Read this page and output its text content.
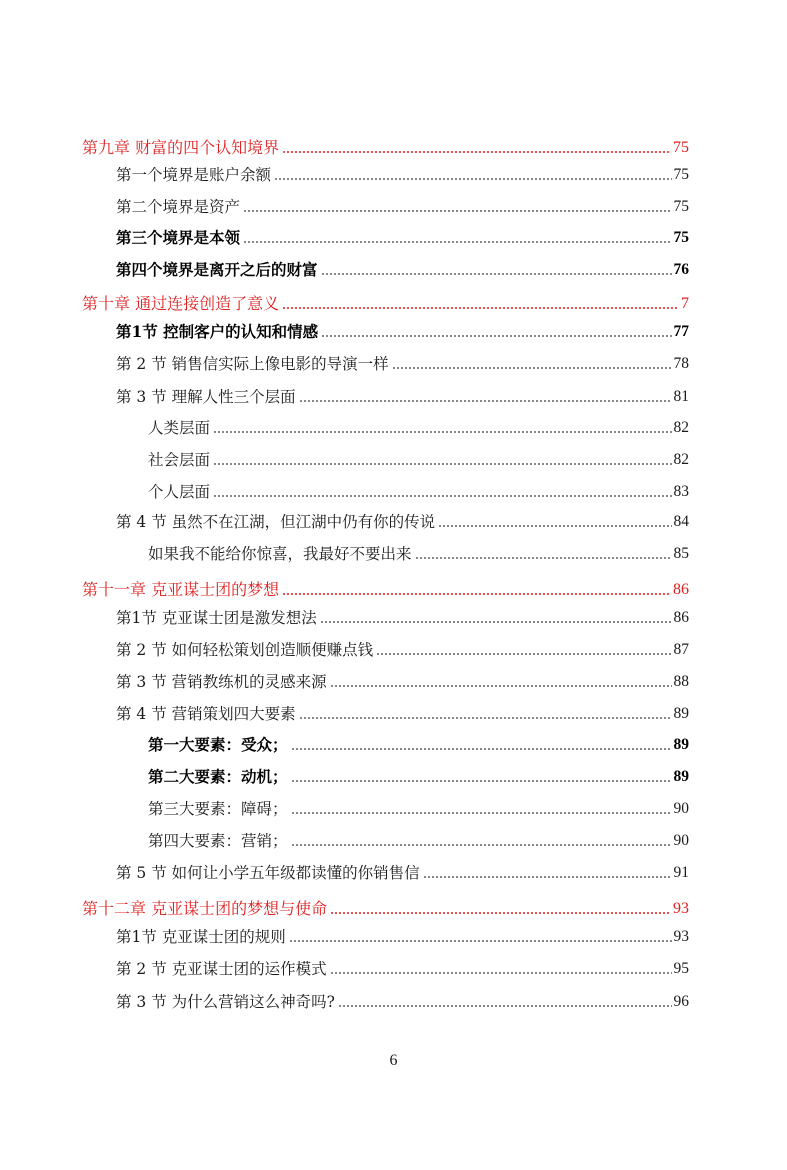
第九章 财富的四个认知境界	75
第一个境界是账户余额	75
第二个境界是资产	75
第三个境界是本领	75
第四个境界是离开之后的财富	76
第十章 通过连接创造了意义	7
第1节 控制客户的认知和情感	77
第 2 节 销售信实际上像电影的导演一样	78
第 3 节 理解人性三个层面	81
人类层面	82
社会层面	82
个人层面	83
第 4 节 虽然不在江湖，但江湖中仍有你的传说	84
如果我不能给你惊喜，我最好不要出来	85
第十一章 克亚谋士团的梦想	86
第1节 克亚谋士团是激发想法	86
第 2 节 如何轻松策划创造顺便赚点钱	87
第 3 节 营销教练机的灵感来源	88
第 4 节 营销策划四大要素	89
第一大要素：受众；	89
第二大要素：动机；	89
第三大要素：障碍；	90
第四大要素：营销；	90
第 5 节 如何让小学五年级都读懂的你销售信	91
第十二章 克亚谋士团的梦想与使命	93
第1节 克亚谋士团的规则	93
第 2 节 克亚谋士团的运作模式	95
第 3 节 为什么营销这么神奇吗?	96
6
